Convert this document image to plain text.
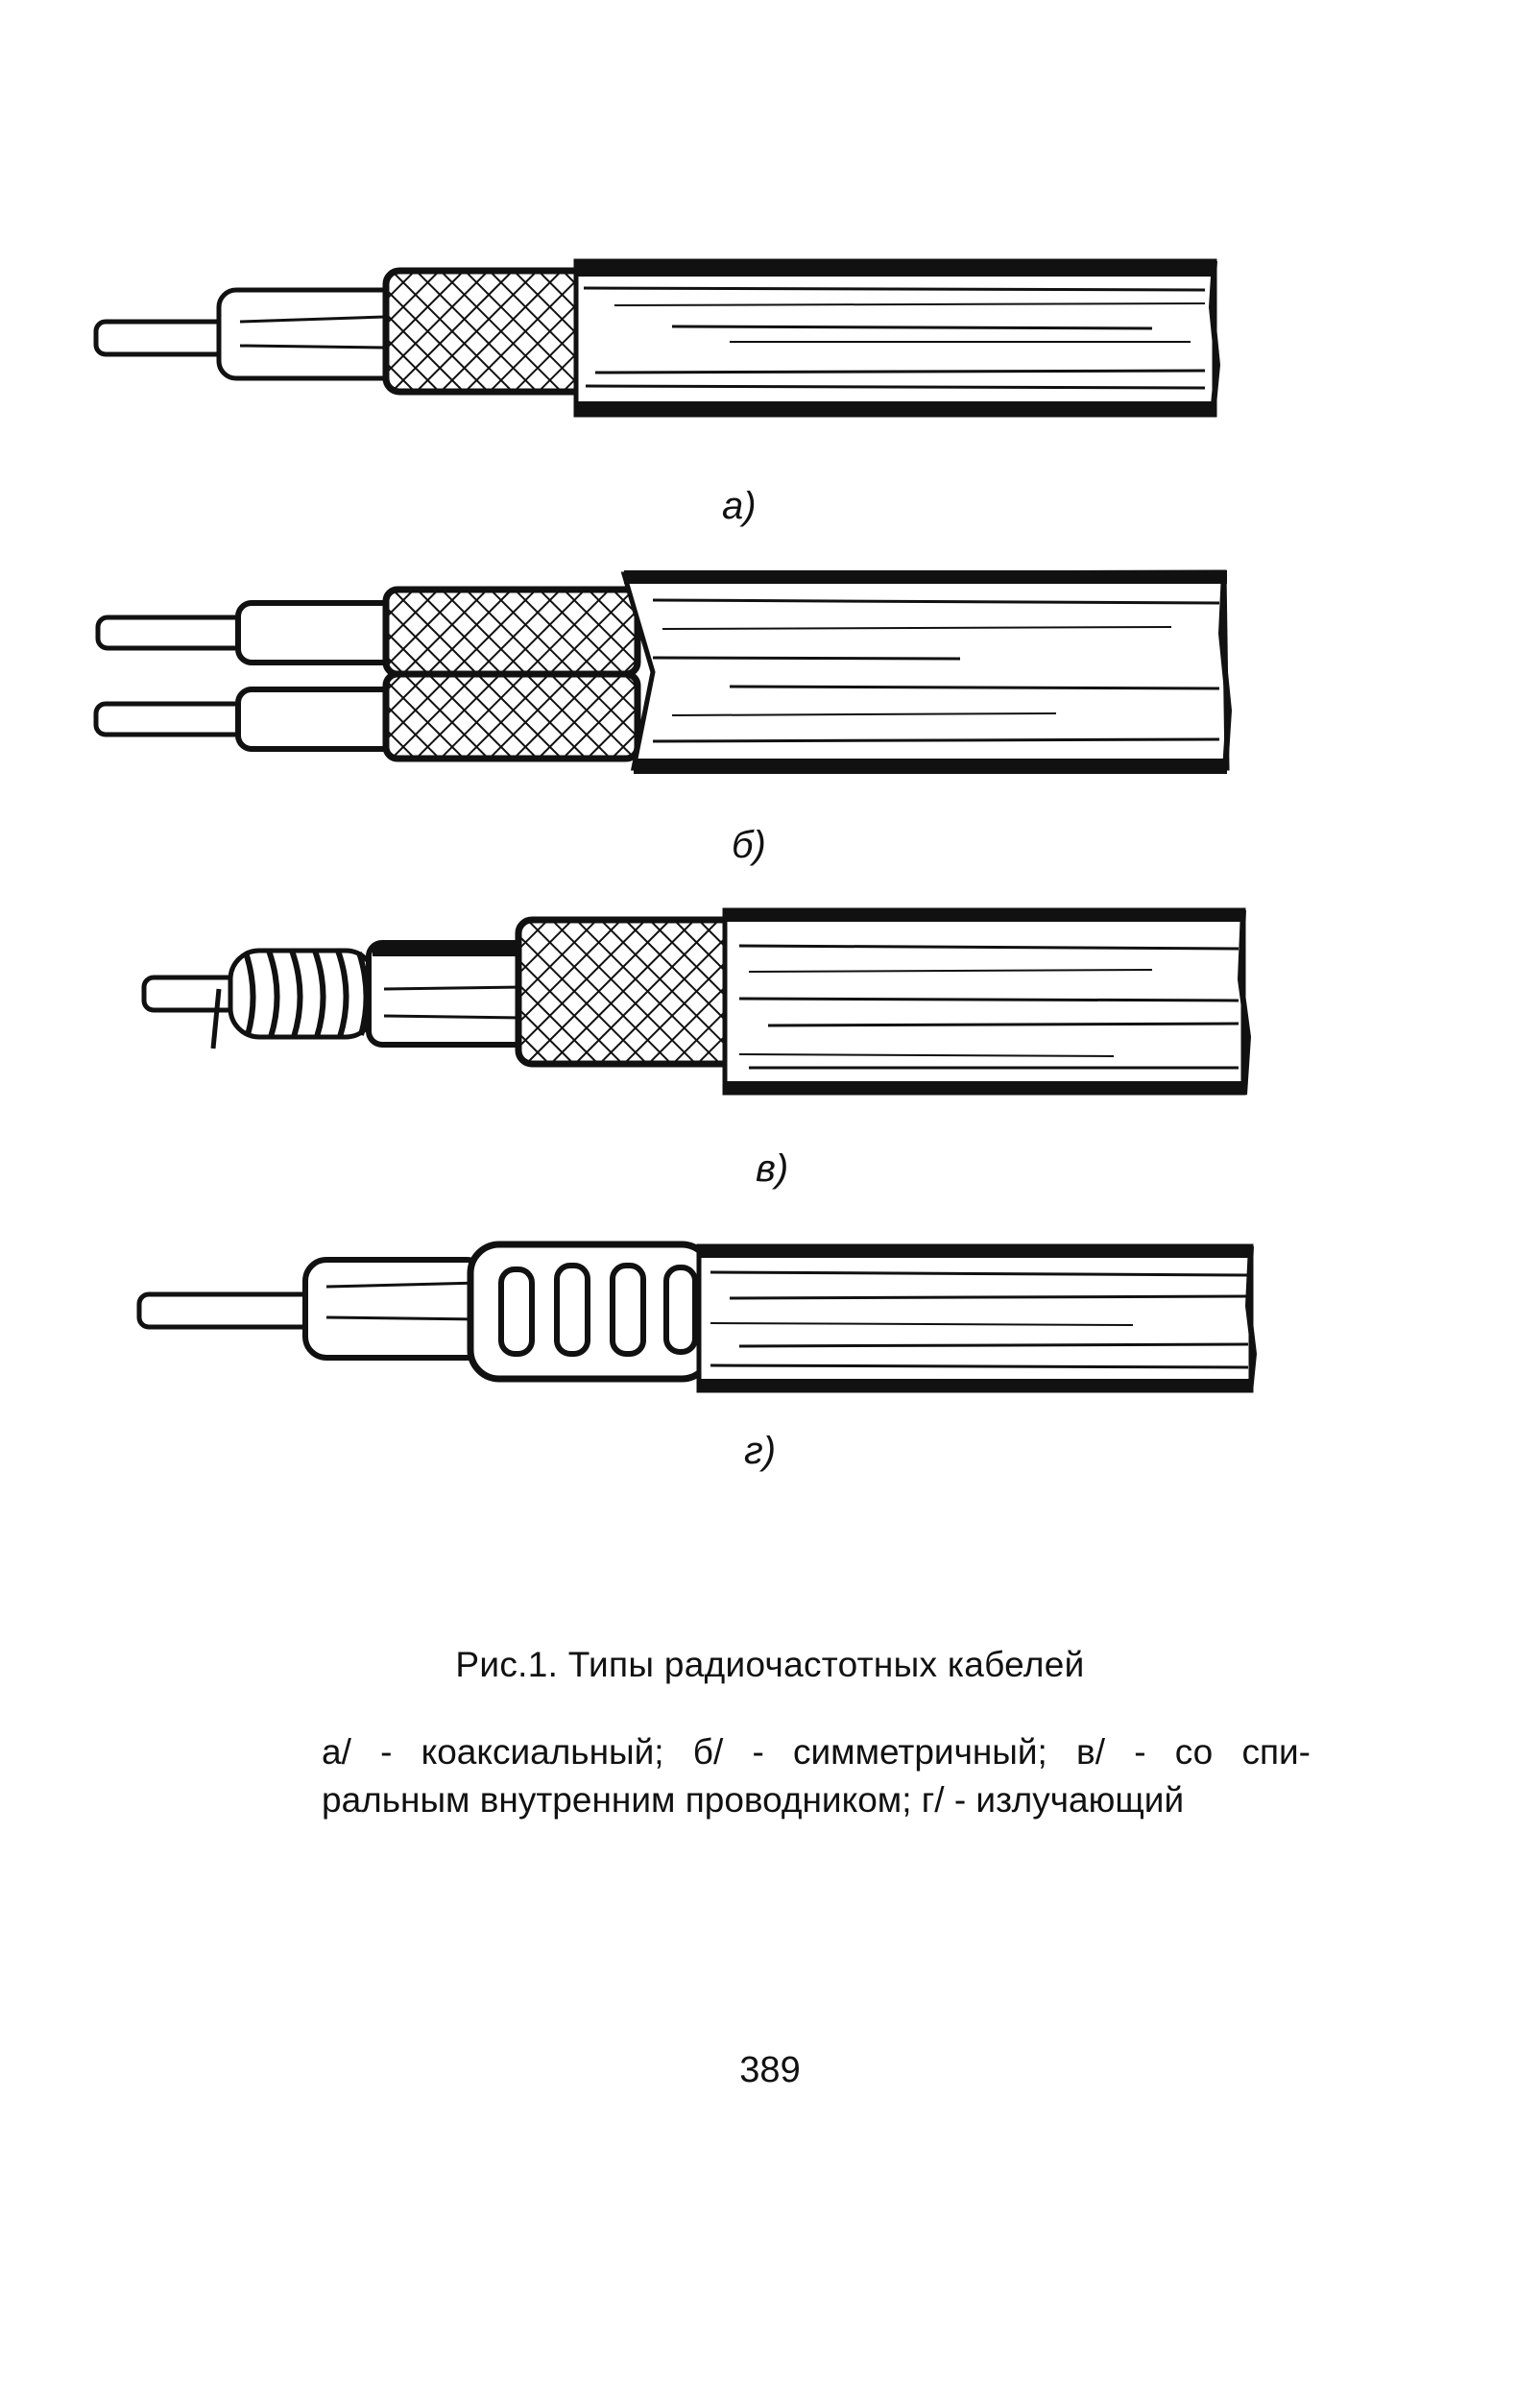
а)
б)
в)
г)
Рис.1. Типы радиочастотных кабелей
а/ - коаксиальный; б/ - симметричный; в/ - со спи-
ральным внутренним проводником; г/ - излучающий
389
